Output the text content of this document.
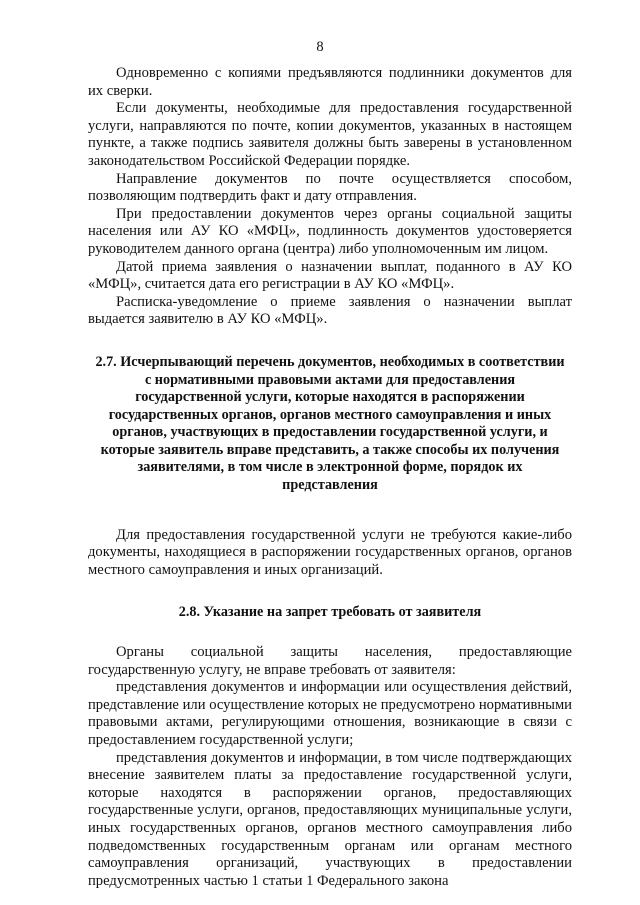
8

Одновременно с копиями предъявляются подлинники документов для их сверки.

Если документы, необходимые для предоставления государственной услуги, направляются по почте, копии документов, указанных в настоящем пункте, а также подпись заявителя должны быть заверены в установленном законодательством Российской Федерации порядке.

Направление документов по почте осуществляется способом, позволяющим подтвердить факт и дату отправления.

При предоставлении документов через органы социальной защиты населения или АУ КО «МФЦ», подлинность документов удостоверяется руководителем данного органа (центра) либо уполномоченным им лицом.

Датой приема заявления о назначении выплат, поданного в АУ КО «МФЦ», считается дата его регистрации в АУ КО «МФЦ».

Расписка-уведомление о приеме заявления о назначении выплат выдается заявителю в АУ КО «МФЦ».

2.7. Исчерпывающий перечень документов, необходимых в соответствии с нормативными правовыми актами для предоставления государственной услуги, которые находятся в распоряжении государственных органов, органов местного самоуправления и иных органов, участвующих в предоставлении государственной услуги, и которые заявитель вправе представить, а также способы их получения заявителями, в том числе в электронной форме, порядок их представления

Для предоставления государственной услуги не требуются какие-либо документы, находящиеся в распоряжении государственных органов, органов местного самоуправления и иных организаций.

2.8. Указание на запрет требовать от заявителя

Органы социальной защиты населения, предоставляющие государственную услугу, не вправе требовать от заявителя:

представления документов и информации или осуществления действий, представление или осуществление которых не предусмотрено нормативными правовыми актами, регулирующими отношения, возникающие в связи с предоставлением государственной услуги;

представления документов и информации, в том числе подтверждающих внесение заявителем платы за предоставление государственной услуги, которые находятся в распоряжении органов, предоставляющих государственные услуги, органов, предоставляющих муниципальные услуги, иных государственных органов, органов местного самоуправления либо подведомственных государственным органам или органам местного самоуправления организаций, участвующих в предоставлении предусмотренных частью 1 статьи 1 Федерального закона
